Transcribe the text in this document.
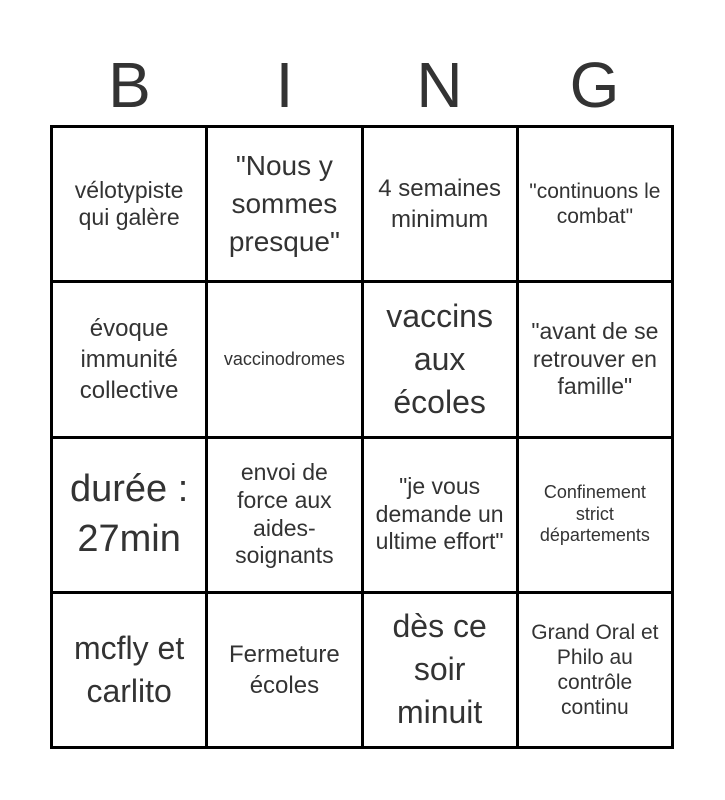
B	I	N	G
vélotypiste qui galère
"Nous y sommes presque"
4 semaines minimum
"continuons le combat"
évoque immunité collective
vaccinodromes
vaccins aux écoles
"avant de se retrouver en famille"
durée : 27min
envoi de force aux aides-soignants
"je vous demande un ultime effort"
Confinement strict départements
mcfly et carlito
Fermeture écoles
dès ce soir minuit
Grand Oral et Philo au contrôle continu
